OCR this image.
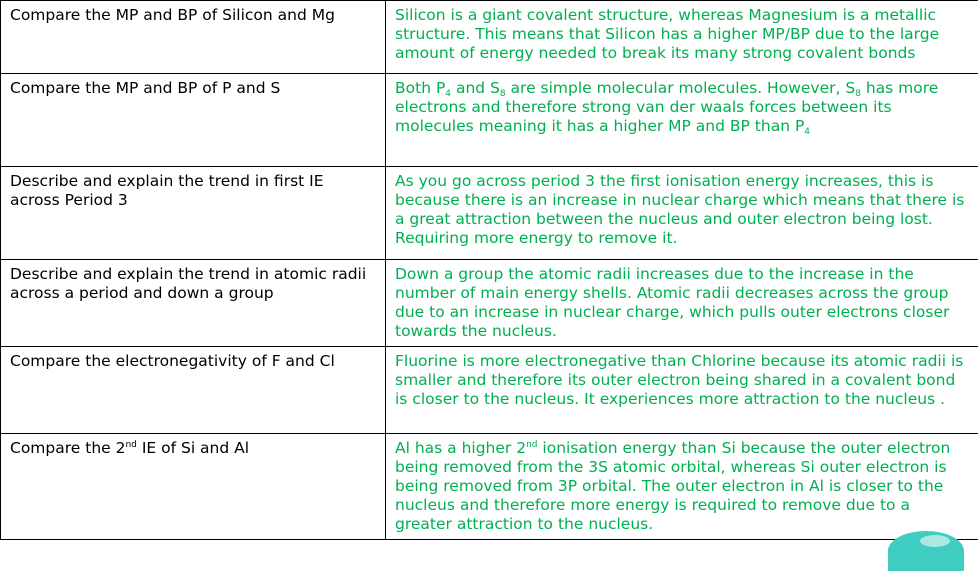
Compare the MP and BP of Silicon and Mg	Silicon is a giant covalent structure, whereas Magnesium is a metallic structure. This means that Silicon has a higher MP/BP due to the large amount of energy needed to break its many strong covalent bonds
Compare the MP and BP of P and S	Both $P_4$ and $S_8$ are simple molecular molecules. However, $S_8$ has more electrons and therefore strong van der waals forces between its molecules meaning it has a higher MP and BP than $P_4$
Describe and explain the trend in first IE across Period 3	As you go across period 3 the first ionisation energy increases, this is because there is an increase in nuclear charge which means that there is a great attraction between the nucleus and outer electron being lost. Requiring more energy to remove it.
Describe and explain the trend in atomic radii across a period and down a group	Down a group the atomic radii increases due to the increase in the number of main energy shells. Atomic radii decreases across the group due to an increase in nuclear charge, which pulls outer electrons closer towards the nucleus.
Compare the electronegativity of F and Cl	Fluorine is more electronegative than Chlorine because its atomic radii is smaller and therefore its outer electron being shared in a covalent bond is closer to the nucleus. It experiences more attraction to the nucleus .
Compare the 2nd IE of Si and Al	Al has a higher 2nd ionisation energy than Si because the outer electron being removed from the 3S atomic orbital, whereas Si outer electron is being removed from 3P orbital. The outer electron in Al is closer to the nucleus and therefore more energy is required to remove due to a greater attraction to the nucleus.
